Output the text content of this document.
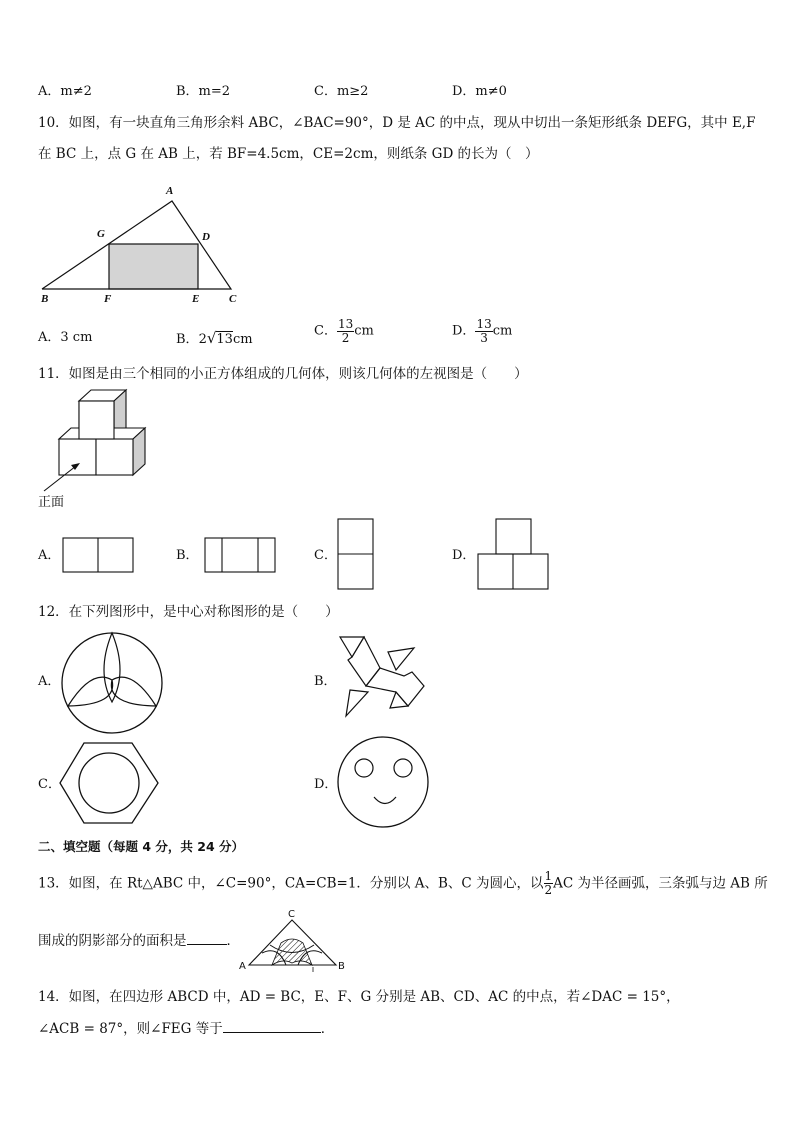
A．m≠2	B．m=2	C．m≥2	D．m≠0
10．如图，有一块直角三角形余料 ABC，∠BAC=90°，D 是 AC 的中点，现从中切出一条矩形纸条 DEFG，其中 E,F
在 BC 上，点 G 在 AB 上，若 BF=4.5cm，CE=2cm，则纸条 GD 的长为（　）
A
G	D
B	F	E	C
A．3 cm	B．2√13cm
C． $\frac{13}{2}$ cm	D． $\frac{13}{3}$ cm
11．如图是由三个相同的小正方体组成的几何体，则该几何体的左视图是（　　）
正面
A．	B．	C．	D．
12．在下列图形中，是中心对称图形的是（　　）
A．	B．
C．	D．
二、填空题（每题 4 分，共 24 分）
13．如图，在 Rt△ABC 中，∠C=90°，CA=CB=1．分别以 A、B、C 为圆心，以 $\frac{1}{2}$ AC 为半径画弧，三条弧与边 AB 所
围成的阴影部分的面积是	．
C
A	B
14．如图，在四边形 ABCD 中，AD = BC，E、F、G 分别是 AB、CD、AC 的中点，若∠DAC = 15°，
∠ACB = 87°，则∠FEG 等于	．
